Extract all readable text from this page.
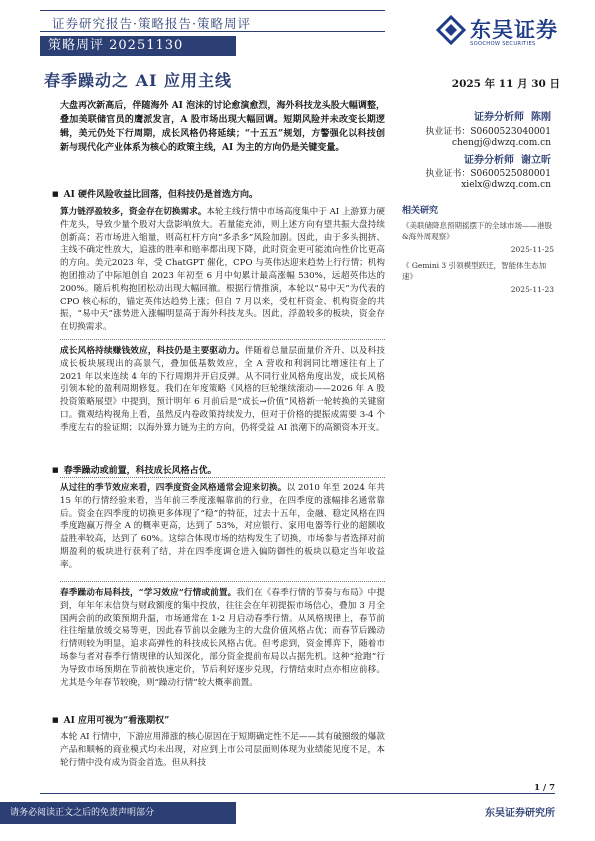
证券研究报告·策略报告·策略周评
策略周评 20251130
东吴证券
SOOCHOW SECURITIES
春季躁动之 AI 应用主线	2025 年 11 月 30 日
大盘再次新高后，伴随海外 AI 泡沫的讨论愈演愈烈，海外科技龙头股大幅调整，叠加美联储官员的鹰派发言，A 股市场出现大幅回调。短期风险并未改变长期逻辑，美元仍处下行周期，成长风格仍将延续；“十五五”规划，方警强化以科技创新与现代化产业体系为核心的政策主线，AI 为主的方向仍是关键变量。
证券分析师 陈刚
执业证书：S0600523040001
chengj@dwzq.com.cn
证券分析师 谢立昕
执业证书：S0600525080001
xielx@dwzq.com.cn
相关研究
《美联储降息预期摇摆下的全球市场——港股&海外周观察》
2025-11-25
《 Gemini 3 引领模型跃迁，智能体生态加速》
2025-11-23
■ AI 硬件风险收益比回落，但科技仍是首选方向。
算力链浮盈较多，资金存在切换需求。本轮主线行情中市场高度集中于 AI 上游算力硬件龙头，导致少量个股对大盘影响放大。若量能充沛，则上述方向有望共振大盘持续创新高；若市场进入缩量，则高杠杆方向“多杀多”风险加剧。因此，由于多头拥挤、主线不确定性放大，追涨的胜率和赔率都出现下降，此时资金更可能流向性价比更高的方向。美元2023 年，受 ChatGPT 催化，CPO 与英伟达迎来趋势上行行情；机构抱团推动了中际旭创自 2023 年初至 6 月中旬累计最高涨幅 530%，远超英伟达的 200%。随后机构抱团松动出现大幅回撤。根据行情推演，本轮以“易中天”为代表的 CPO 核心标的，锚定英伟达趋势上涨；但自 7 月以来，受杠杆资金、机构资金的共振，“易中天”涨势进入涨幅明显高于海外科技龙头。因此，浮盈较多的板块，资金存在切换需求。
成长风格持续赚钱效应，科技仍是主要驱动力。伴随着总量层面量价齐升、以及科技成长板块展现出的高景气，叠加低基数效应，全 A 营收和利润同比增速往有上了 2021 年以来连续 4 年的下行周期并开启反弹。从不同行业风格角度出发，成长风格引领本轮的盈利周期修复。我们在年度策略《风格的巨轮继续滚动——2026 年 A 股投资策略展望》中提到，预计明年 6 月前后是“成长→价值”风格新一轮转换的关键窗口。微观结构视角上看，虽然反内卷政策持续发力，但对于价格的提振成需要 3-4 个季度左右的验证期；以海外算力链为主的方向，仍将受益 AI 浪潮下的高额资本开支。
■ 春季躁动或前置，科技成长风格占优。
从过往的季节效应来看，四季度资金风格通常会迎来切换。以 2010 年至 2024 年共 15 年的行情经验来看，当年前三季度涨幅靠前的行业，在四季度的涨幅排名通常靠后。资金在四季度的切换更多体现了“稳”的特征，过去十五年，金融、稳定风格在四季度跑赢万得全 A 的概率更高，达到了 53%，对应银行、家用电器等行业的超额收益胜率较高，达到了 60%。这综合体现市场的结构发生了切换，市场参与者选择对前期盈利的板块进行获利了结，并在四季度调仓进入偏防御性的板块以稳定当年收益率。
春季躁动布局科技，“学习效应”行情或前置。我们在《春季行情的节奏与布局》中提到，年年年末信贷与财政额度的集中投放，往往会在年初提振市场信心，叠加 3 月全国两会前的政策预期升温，市场通常在 1-2 月启动春季行情。从风格规律上，春节前往往缩量放缓交易等更，因此春节前以金融为主的大盘价值风格占优；而春节后躁动行情则较为明显，追求高弹性的科技成长风格占优。但考虑到，资金博弈下，随着市场参与者对春季行情规律的认知深化，部分资金提前布局以占据先机。这种“抢跑”行为导致市场预期在节前被快速定价，节后利好逐步兑现，行情结束时点亦相应前移。尤其是今年春节较晚，则“躁动行情”较大概率前置。
■ AI 应用可视为“看涨期权”
本轮 AI 行情中，下游应用滞涨的核心原因在于短期确定性不足——其有破圈级的爆款产品和顺畅的商业模式均未出现，对应到上市公司层面则体现为业绩能见度不足，本轮行情中没有成为资金首选。但从科技
1 / 7
请务必阅读正文之后的免责声明部分	东吴证券研究所
